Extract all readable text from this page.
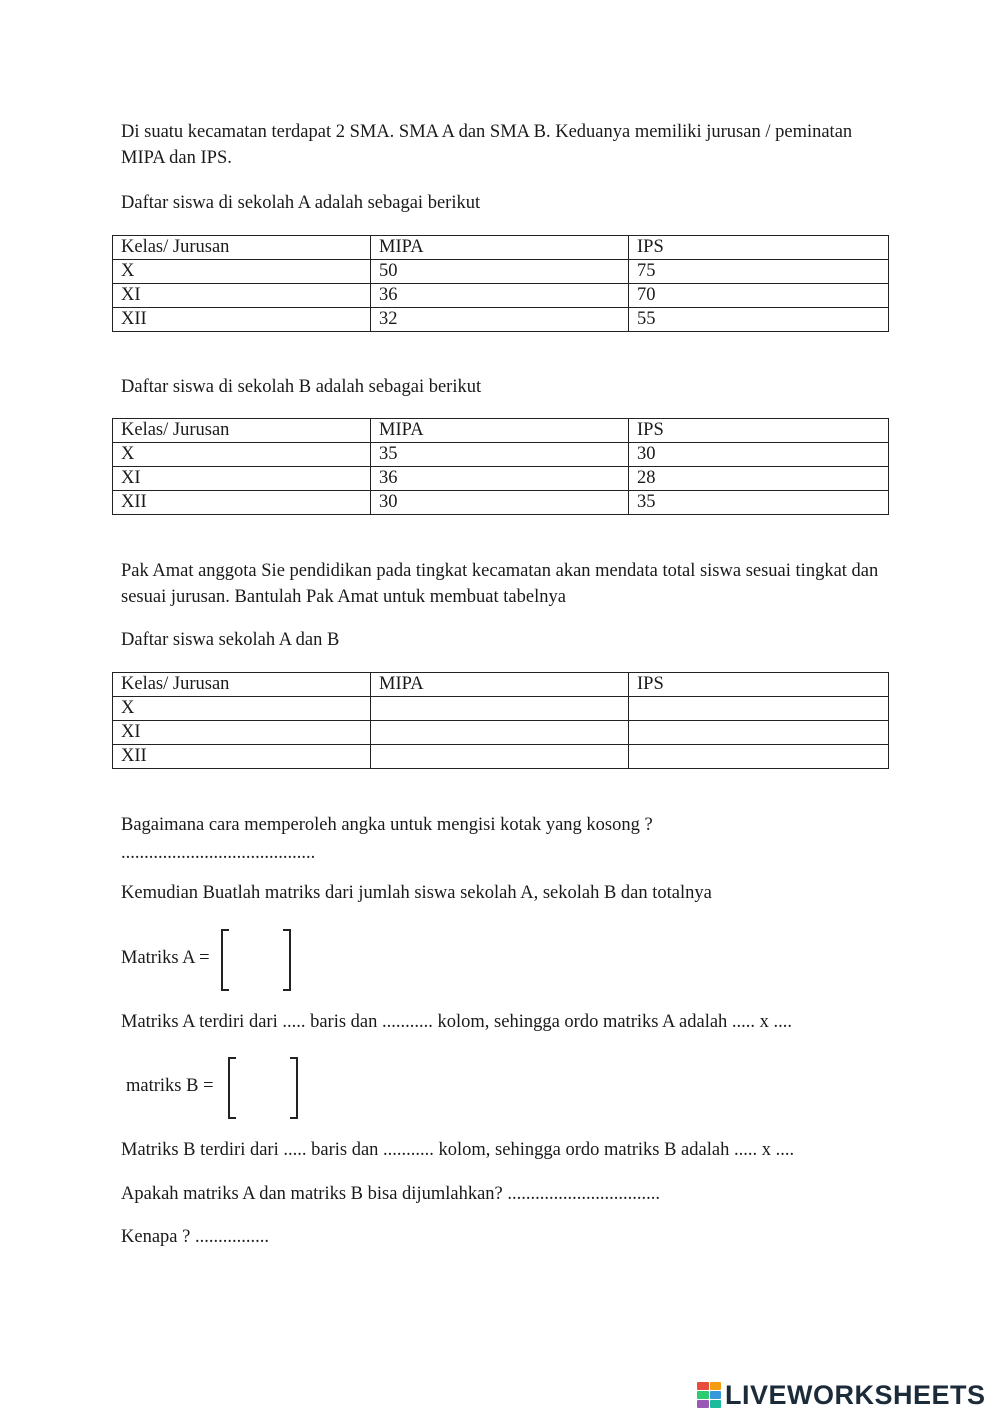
Di suatu kecamatan terdapat 2 SMA. SMA A dan SMA B. Keduanya memiliki jurusan / peminatan MIPA dan IPS.

Daftar siswa di sekolah A adalah sebagai berikut

Kelas/ Jurusan	MIPA	IPS
X	50	75
XI	36	70
XII	32	55

Daftar siswa di sekolah B adalah sebagai berikut

Kelas/ Jurusan	MIPA	IPS
X	35	30
XI	36	28
XII	30	35

Pak Amat anggota Sie pendidikan pada tingkat kecamatan akan mendata total siswa sesuai tingkat dan sesuai jurusan. Bantulah Pak Amat untuk membuat tabelnya

Daftar siswa sekolah A dan B

Kelas/ Jurusan	MIPA	IPS
X		
XI		
XII		

Bagaimana cara memperoleh angka untuk mengisi kotak yang kosong ?

..........................................

Kemudian Buatlah matriks dari jumlah siswa sekolah A, sekolah B dan totalnya

Matriks A =

Matriks A terdiri dari ..... baris dan ........... kolom, sehingga ordo matriks A adalah ..... x ....

matriks B =

Matriks B terdiri dari ..... baris dan ........... kolom, sehingga ordo matriks B adalah ..... x ....

Apakah matriks A dan matriks B bisa dijumlahkan? .................................

Kenapa ? ................

LIVEWORKSHEETS
